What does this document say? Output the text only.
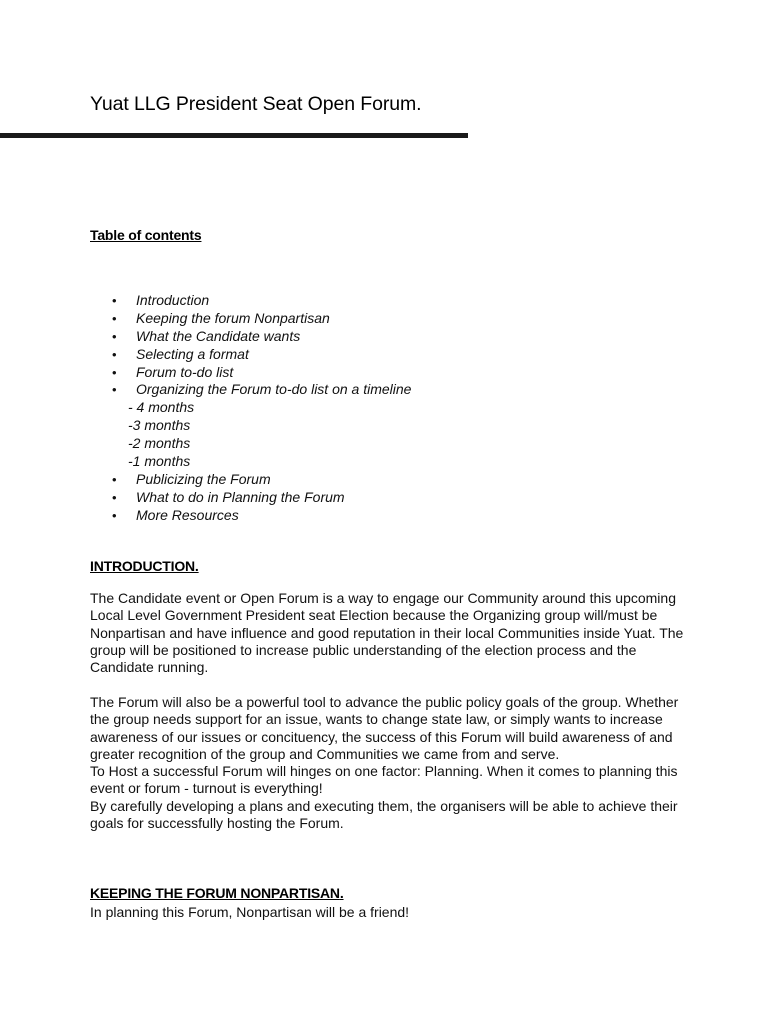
Yuat LLG President Seat Open Forum.
Table of contents
• Introduction
• Keeping the forum Nonpartisan
• What the Candidate wants
• Selecting a format
• Forum to-do list
• Organizing the Forum to-do list on a timeline
- 4 months
-3 months
-2 months
-1 months
• Publicizing the Forum
• What to do in Planning the Forum
• More Resources
INTRODUCTION.
The Candidate event or Open Forum is a way to engage our Community around this upcoming
Local Level Government President seat Election because the Organizing group will/must be
Nonpartisan and have influence and good reputation in their local Communities inside Yuat. The
group will be positioned to increase public understanding of the election process and the
Candidate running.
The Forum will also be a powerful tool to advance the public policy goals of the group. Whether
the group needs support for an issue, wants to change state law, or simply wants to increase
awareness of our issues or concituency, the success of this Forum will build awareness of and
greater recognition of the group and Communities we came from and serve.
To Host a successful Forum will hinges on one factor: Planning. When it comes to planning this
event or forum - turnout is everything!
By carefully developing a plans and executing them, the organisers will be able to achieve their
goals for successfully hosting the Forum.
KEEPING THE FORUM NONPARTISAN.
In planning this Forum, Nonpartisan will be a friend!
